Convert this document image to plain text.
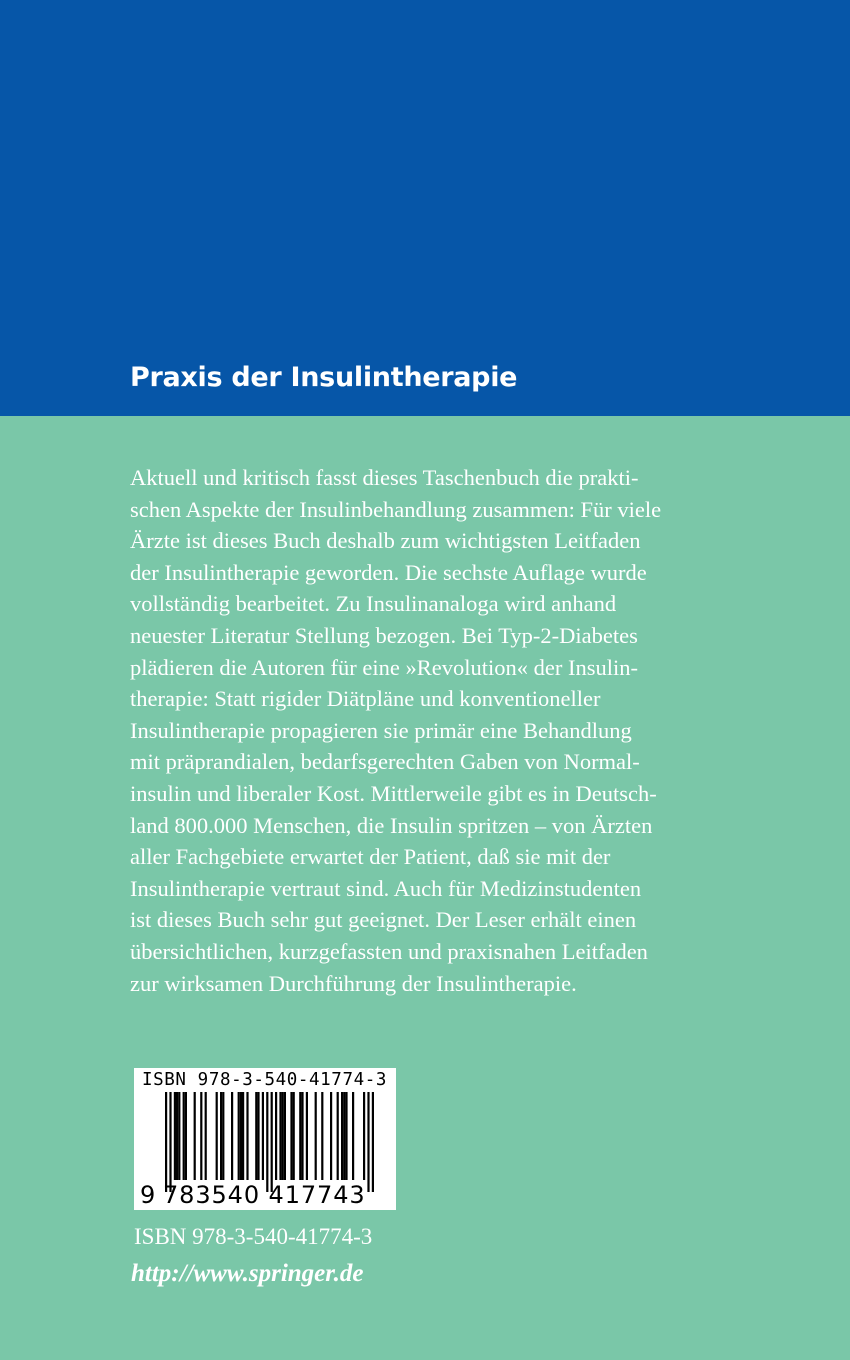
Praxis der Insulintherapie

Aktuell und kritisch fasst dieses Taschenbuch die prakti-
schen Aspekte der Insulinbehandlung zusammen: Für viele
Ärzte ist dieses Buch deshalb zum wichtigsten Leitfaden
der Insulintherapie geworden. Die sechste Auflage wurde
vollständig bearbeitet. Zu Insulinanaloga wird anhand
neuester Literatur Stellung bezogen. Bei Typ-2-Diabetes
plädieren die Autoren für eine »Revolution« der Insulin-
therapie: Statt rigider Diätpläne und konventioneller
Insulintherapie propagieren sie primär eine Behandlung
mit präprandialen, bedarfsgerechten Gaben von Normal-
insulin und liberaler Kost. Mittlerweile gibt es in Deutsch-
land 800.000 Menschen, die Insulin spritzen – von Ärzten
aller Fachgebiete erwartet der Patient, daß sie mit der
Insulintherapie vertraut sind. Auch für Medizinstudenten
ist dieses Buch sehr gut geeignet. Der Leser erhält einen
übersichtlichen, kurzgefassten und praxisnahen Leitfaden
zur wirksamen Durchführung der Insulintherapie.

ISBN 978-3-540-41774-3
9 783540 417743
ISBN 978-3-540-41774-3
http://www.springer.de
